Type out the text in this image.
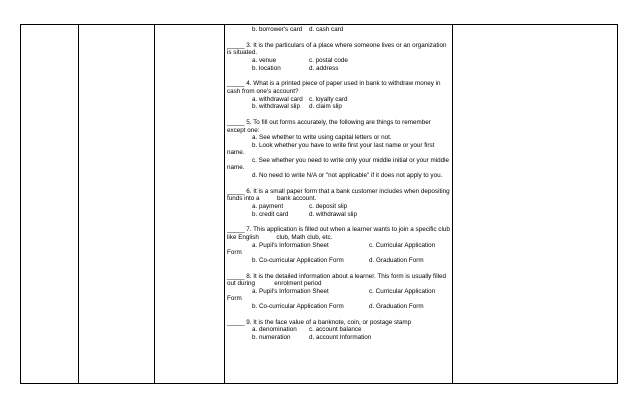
b. borrower's card d. cash card
_____ 3. It is the particulars of a place where someone lives or an organization
is situated.
a. venue	c. postal code
b. location	d. address
_____ 4. What is a printed piece of paper used in bank to withdraw money in
cash from one's account?
a. withdrawal card c. loyalty card
b. withdrawal slip d. claim slip
_____ 5. To fill out forms accurately, the following are things to remember
except one:
a. See whether to write using capital letters or not.
b. Look whether you have to write first your last name or your first
name.
c. See whether you need to write only your middle initial or your middle
name.
d. No need to write N/A or "not applicable" if it does not apply to you.
_____ 6. It is a small paper form that a bank customer includes when depositing
funds into a          bank account.
a. payment	c. deposit slip
b. credit card	d. withdrawal slip
_____ 7. This application is filled out when a learner wants to join a specific club
like English          club, Math club, etc.
a. Pupil's Information Sheet	c. Curricular Application
Form
b. Co-curricular Application Form	d. Graduation Form
_____ 8. It is the detailed information about a learner. This form is usually filled
out during           enrolment period
a. Pupil's Information Sheet	c. Curricular Application
Form
b. Co-curricular Application Form	d. Graduation Form
_____ 9. It is the face value of a banknote, coin, or postage stamp
a. denomination c. account balance
b. numeration	d. account Information
